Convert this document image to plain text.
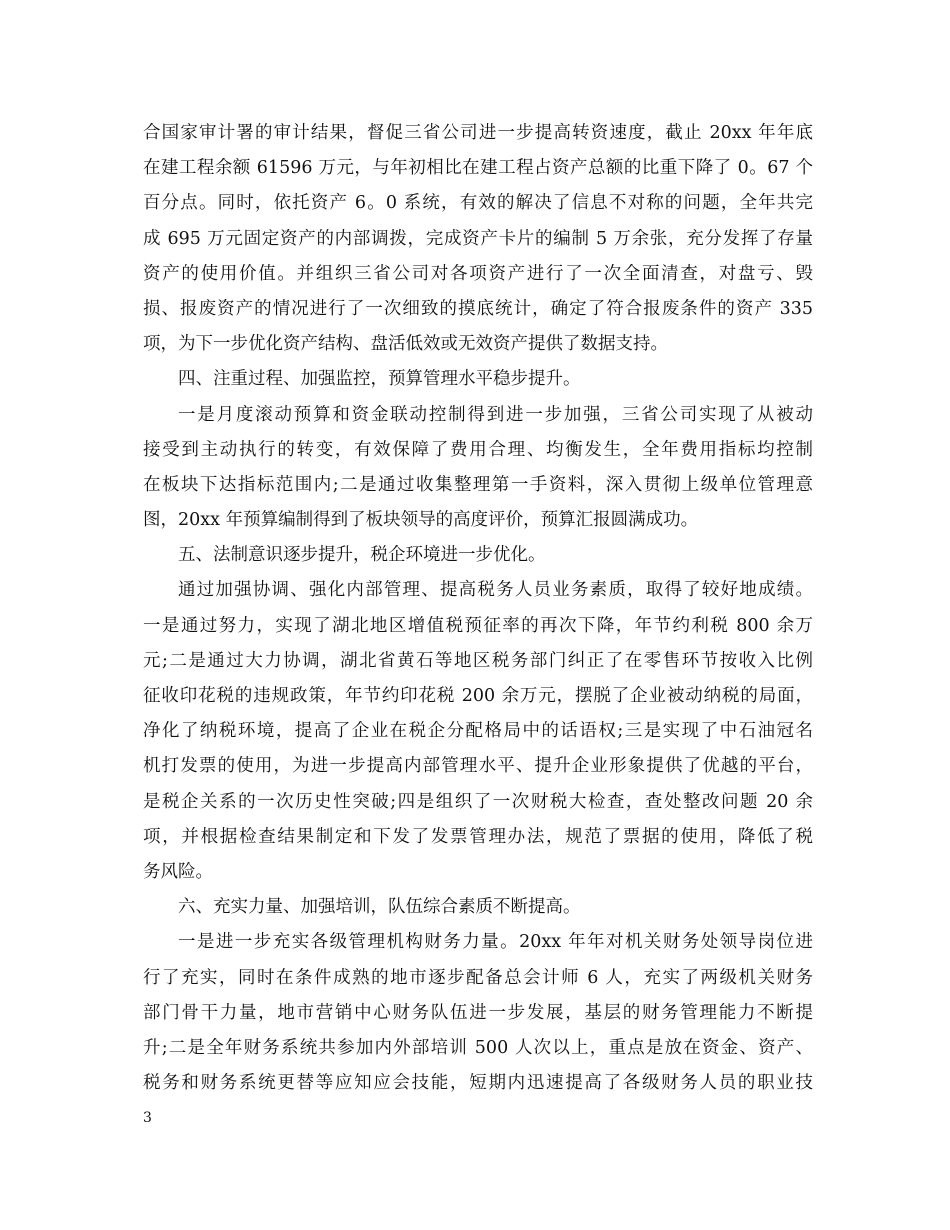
合国家审计署的审计结果，督促三省公司进一步提高转资速度，截止 20xx 年年底
在建工程余额 61596 万元，与年初相比在建工程占资产总额的比重下降了 0。67 个
百分点。同时，依托资产 6。0 系统，有效的解决了信息不对称的问题，全年共完
成 695 万元固定资产的内部调拨，完成资产卡片的编制 5 万余张，充分发挥了存量
资产的使用价值。并组织三省公司对各项资产进行了一次全面清查，对盘亏、毁
损、报废资产的情况进行了一次细致的摸底统计，确定了符合报废条件的资产 335
项，为下一步优化资产结构、盘活低效或无效资产提供了数据支持。
四、注重过程、加强监控，预算管理水平稳步提升。
一是月度滚动预算和资金联动控制得到进一步加强，三省公司实现了从被动
接受到主动执行的转变，有效保障了费用合理、均衡发生，全年费用指标均控制
在板块下达指标范围内;二是通过收集整理第一手资料，深入贯彻上级单位管理意
图，20xx 年预算编制得到了板块领导的高度评价，预算汇报圆满成功。
五、法制意识逐步提升，税企环境进一步优化。
通过加强协调、强化内部管理、提高税务人员业务素质，取得了较好地成绩。
一是通过努力，实现了湖北地区增值税预征率的再次下降，年节约利税 800 余万
元;二是通过大力协调，湖北省黄石等地区税务部门纠正了在零售环节按收入比例
征收印花税的违规政策，年节约印花税 200 余万元，摆脱了企业被动纳税的局面，
净化了纳税环境，提高了企业在税企分配格局中的话语权;三是实现了中石油冠名
机打发票的使用，为进一步提高内部管理水平、提升企业形象提供了优越的平台，
是税企关系的一次历史性突破;四是组织了一次财税大检查，查处整改问题 20 余
项，并根据检查结果制定和下发了发票管理办法，规范了票据的使用，降低了税
务风险。
六、充实力量、加强培训，队伍综合素质不断提高。
一是进一步充实各级管理机构财务力量。20xx 年年对机关财务处领导岗位进
行了充实，同时在条件成熟的地市逐步配备总会计师 6 人，充实了两级机关财务
部门骨干力量，地市营销中心财务队伍进一步发展，基层的财务管理能力不断提
升;二是全年财务系统共参加内外部培训 500 人次以上，重点是放在资金、资产、
税务和财务系统更替等应知应会技能，短期内迅速提高了各级财务人员的职业技
3
